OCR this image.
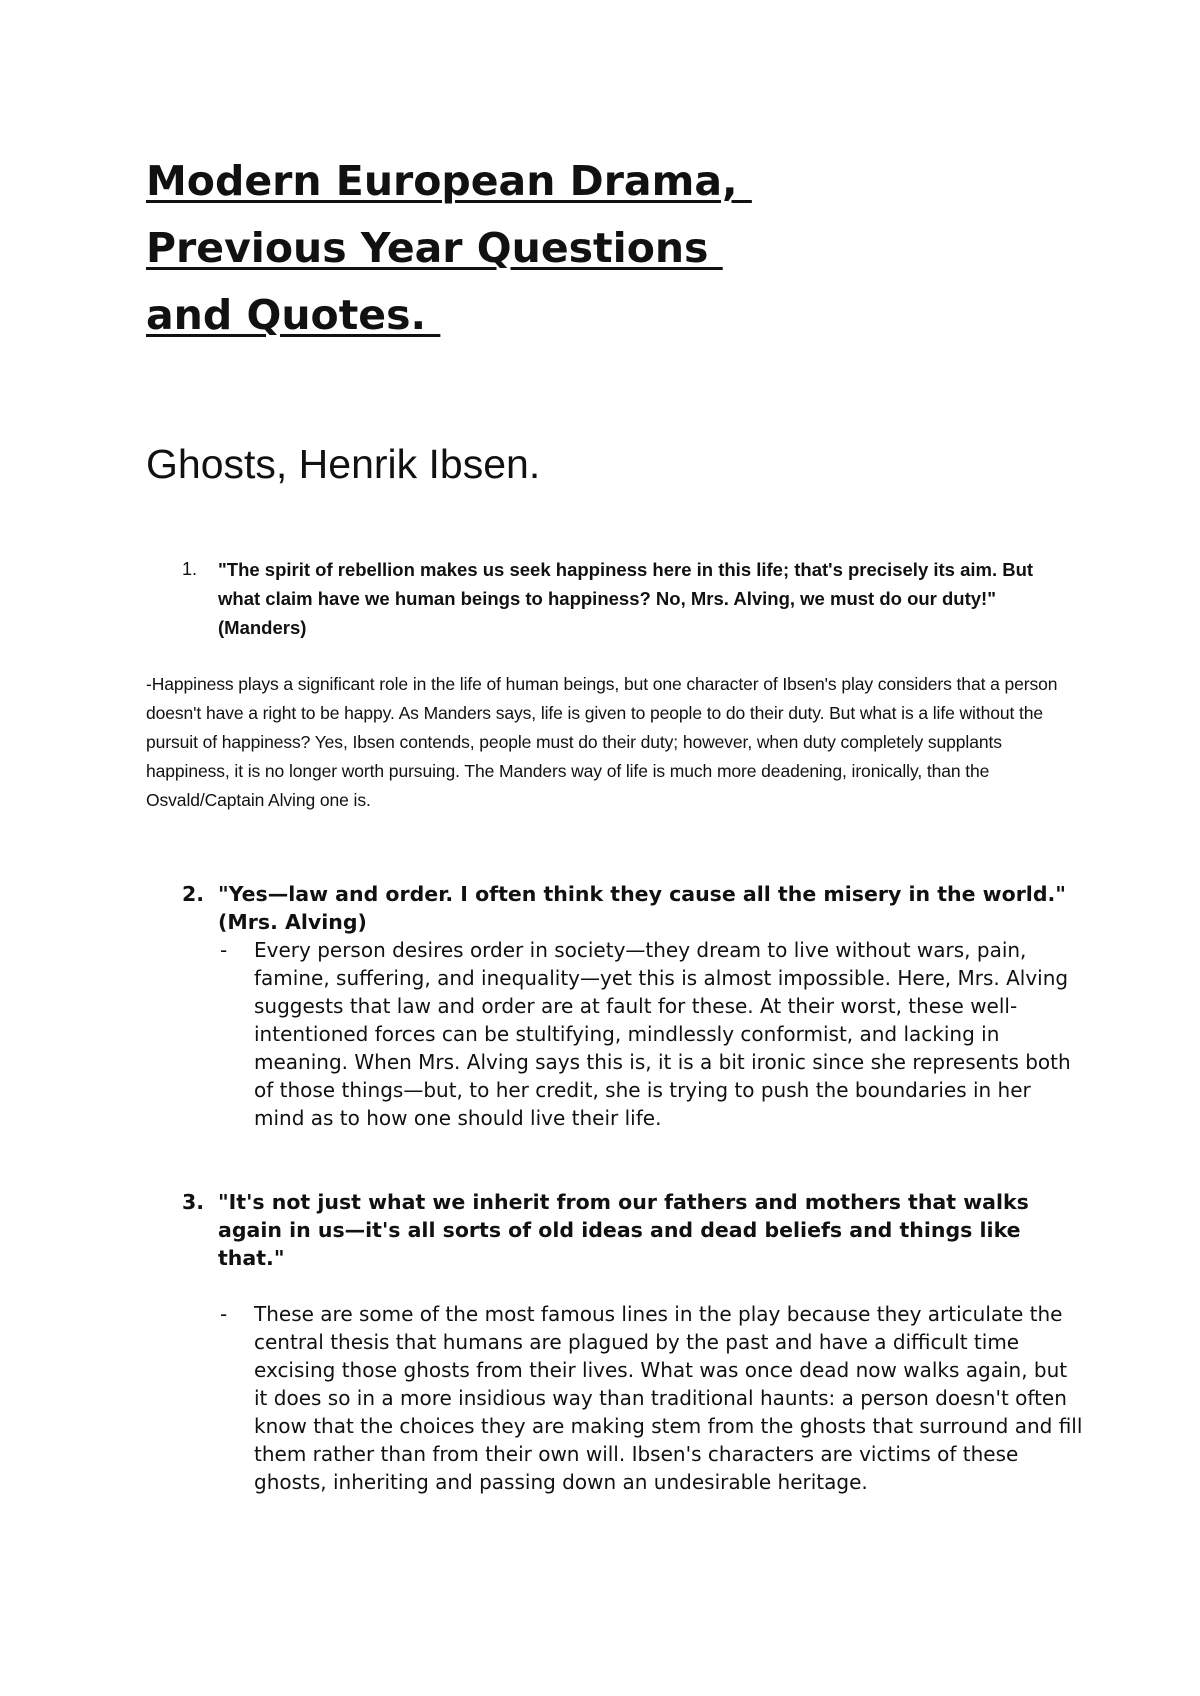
Modern European Drama,
Previous Year Questions
and Quotes.
Ghosts, Henrik Ibsen.
1. "The spirit of rebellion makes us seek happiness here in this life; that's precisely its aim. But what claim have we human beings to happiness? No, Mrs. Alving, we must do our duty!" (Manders)
-Happiness plays a significant role in the life of human beings, but one character of Ibsen's play considers that a person doesn't have a right to be happy. As Manders says, life is given to people to do their duty. But what is a life without the pursuit of happiness? Yes, Ibsen contends, people must do their duty; however, when duty completely supplants happiness, it is no longer worth pursuing. The Manders way of life is much more deadening, ironically, than the Osvald/Captain Alving one is.
2. "Yes—law and order. I often think they cause all the misery in the world." (Mrs. Alving)
- Every person desires order in society—they dream to live without wars, pain, famine, suffering, and inequality—yet this is almost impossible. Here, Mrs. Alving suggests that law and order are at fault for these. At their worst, these well-intentioned forces can be stultifying, mindlessly conformist, and lacking in meaning. When Mrs. Alving says this is, it is a bit ironic since she represents both of those things—but, to her credit, she is trying to push the boundaries in her mind as to how one should live their life.
3. "It's not just what we inherit from our fathers and mothers that walks again in us—it's all sorts of old ideas and dead beliefs and things like that."
- These are some of the most famous lines in the play because they articulate the central thesis that humans are plagued by the past and have a difficult time excising those ghosts from their lives. What was once dead now walks again, but it does so in a more insidious way than traditional haunts: a person doesn't often know that the choices they are making stem from the ghosts that surround and fill them rather than from their own will. Ibsen's characters are victims of these ghosts, inheriting and passing down an undesirable heritage.
